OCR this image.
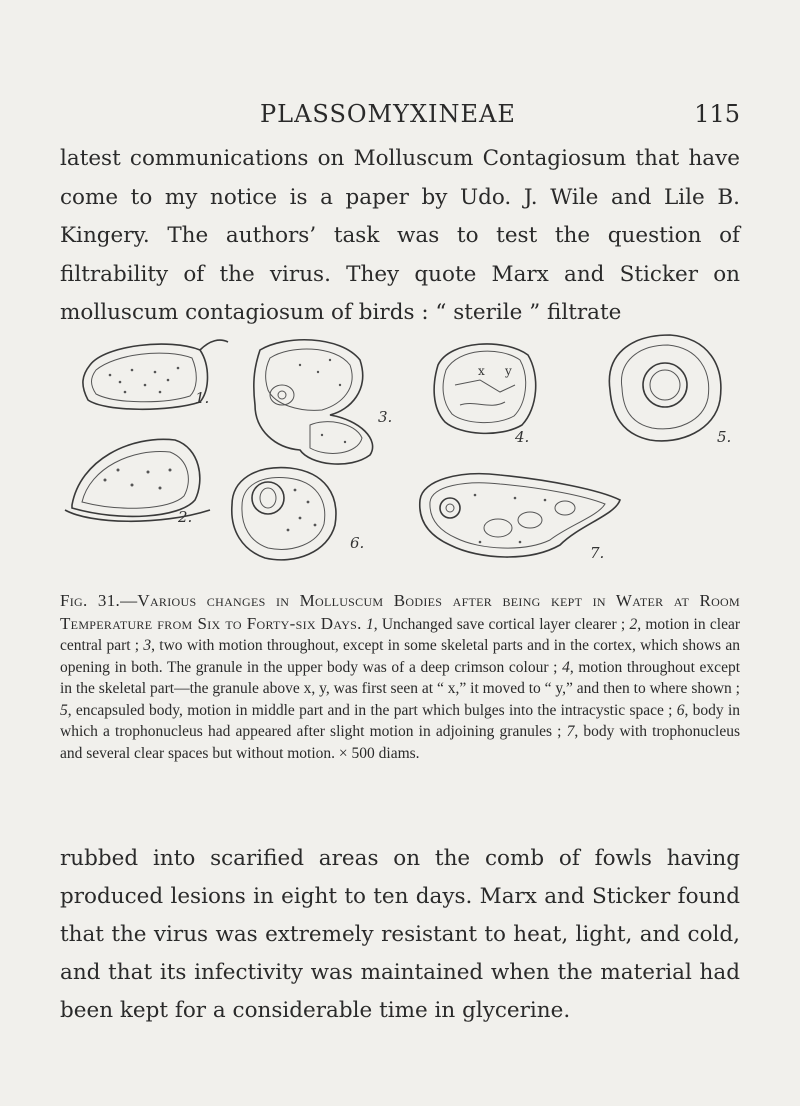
PLASSOMYXINEAE	115

latest communications on Molluscum Contagiosum that have come to my notice is a paper by Udo. J. Wile and Lile B. Kingery. The authors’ task was to test the question of filtrability of the virus. They quote Marx and Sticker on molluscum contagiosum of birds : “ sterile ” filtrate

1.
2.
3.
x y
4.	5.
6.
7.

Fig. 31.—Various changes in Molluscum Bodies after being kept in Water at Room Temperature from Six to Forty-six Days. 1, Unchanged save cortical layer clearer ; 2, motion in clear central part ; 3, two with motion throughout, except in some skeletal parts and in the cortex, which shows an opening in both. The granule in the upper body was of a deep crimson colour ; 4, motion throughout except in the skeletal part—the granule above x, y, was first seen at “ x,” it moved to “ y,” and then to where shown ; 5, encapsuled body, motion in middle part and in the part which bulges into the intracystic space ; 6, body in which a trophonucleus had appeared after slight motion in adjoining granules ; 7, body with trophonucleus and several clear spaces but without motion. × 500 diams.

rubbed into scarified areas on the comb of fowls having produced lesions in eight to ten days. Marx and Sticker found that the virus was extremely resistant to heat, light, and cold, and that its infectivity was maintained when the material had been kept for a considerable time in glycerine.
